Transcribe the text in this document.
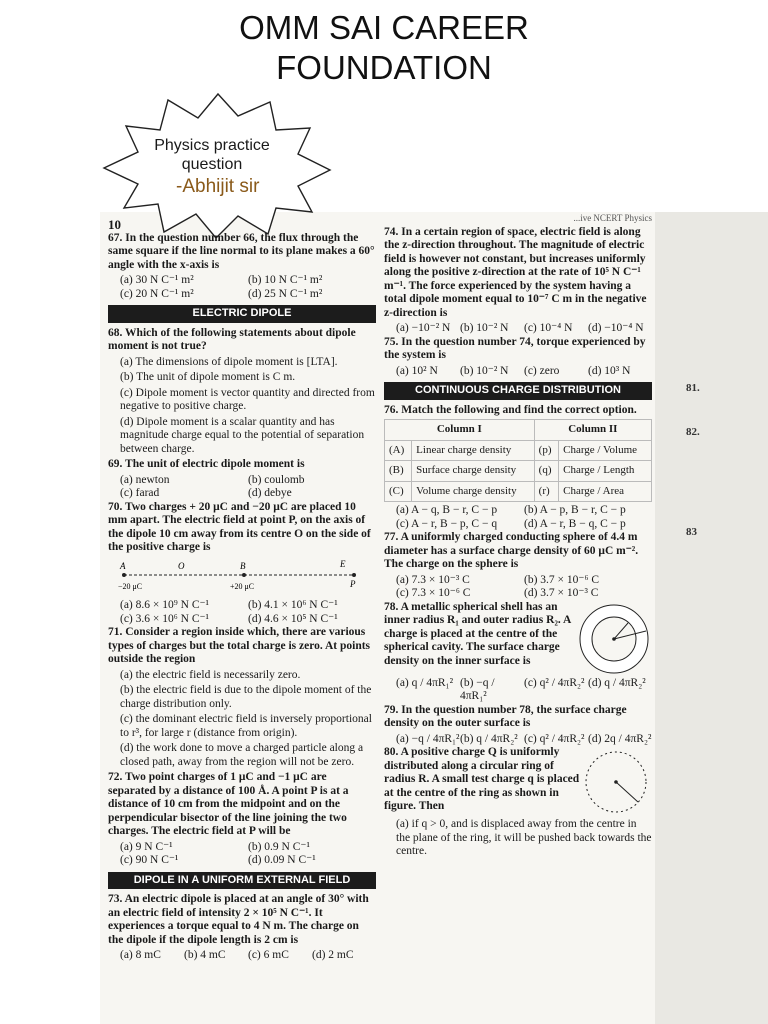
OMM SAI CAREER
FOUNDATION
Physics practice question
-Abhijit sir
10

67. In the question number 66, the flux through the same square if the line normal to its plane makes a 60° angle with the x-axis is

(a) 30 N C⁻¹ m²	(b) 10 N C⁻¹ m²
(c) 20 N C⁻¹ m²	(d) 25 N C⁻¹ m²
ELECTRIC DIPOLE

68. Which of the following statements about dipole moment is not true?

(a) The dimensions of dipole moment is [LTA].

(b) The unit of dipole moment is C m.

(c) Dipole moment is vector quantity and directed from negative to positive charge.

(d) Dipole moment is a scalar quantity and has magnitude charge equal to the potential of separation between charge.

69. The unit of electric dipole moment is

(a) newton	(b) coulomb
(c) farad	(d) debye

70. Two charges + 20 μC and −20 μC are placed 10 mm apart. The electric field at point P, on the axis of the dipole 10 cm away from its centre O on the side of the positive charge is

A	O	B	E
P
−20 μC	+20 μC
(a) 8.6 × 10⁹ N C⁻¹	(b) 4.1 × 10⁶ N C⁻¹
(c) 3.6 × 10⁶ N C⁻¹	(d) 4.6 × 10⁵ N C⁻¹

71. Consider a region inside which, there are various types of charges but the total charge is zero. At points outside the region

(a) the electric field is necessarily zero.

(b) the electric field is due to the dipole moment of the charge distribution only.

(c) the dominant electric field is inversely proportional to r³, for large r (distance from origin).

(d) the work done to move a charged particle along a closed path, away from the region will not be zero.

72. Two point charges of 1 μC and −1 μC are separated by a distance of 100 Å. A point P is at a distance of 10 cm from the midpoint and on the perpendicular bisector of the line joining the two charges. The electric field at P will be

(a) 9 N C⁻¹	(b) 0.9 N C⁻¹
(c) 90 N C⁻¹	(d) 0.09 N C⁻¹
DIPOLE IN A UNIFORM EXTERNAL FIELD

73. An electric dipole is placed at an angle of 30° with an electric field of intensity 2 × 10⁵ N C⁻¹. It experiences a torque equal to 4 N m. The charge on the dipole if the dipole length is 2 cm is

(a) 8 mC	(b) 4 mC	(c) 6 mC	(d) 2 mC
...ive NCERT Physics

74. In a certain region of space, electric field is along the z-direction throughout. The magnitude of electric field is however not constant, but increases uniformly along the positive z-direction at the rate of 10⁵ N C⁻¹ m⁻¹. The force experienced by the system having a total dipole moment equal to 10⁻⁷ C m in the negative z-direction is

(a) −10⁻² N (b) 10⁻² N	(c) 10⁻⁴ N	(d) −10⁻⁴ N

75. In the question number 74, torque experienced by the system is

(a) 10² N	(b) 10⁻² N	(c) zero	(d) 10³ N
CONTINUOUS CHARGE DISTRIBUTION

76. Match the following and find the correct option.

Column I		Column II	
(A)	Linear charge density	(p)	Charge / Volume
(B)	Surface charge density	(q)	Charge / Length
(C)	Volume charge density	(r)	Charge / Area
(a) A − q, B − r, C − p	(b) A − p, B − r, C − p
(c) A − r, B − p, C − q	(d) A − r, B − q, C − p

77. A uniformly charged conducting sphere of 4.4 m diameter has a surface charge density of 60 μC m⁻². The charge on the sphere is

(a) 7.3 × 10⁻³ C	(b) 3.7 × 10⁻⁶ C
(c) 7.3 × 10⁻⁶ C	(d) 3.7 × 10⁻³ C

78. A metallic spherical shell has an inner radius R₁ and outer radius R₂. A charge is placed at the centre of the spherical cavity. The surface charge density on the inner surface is

(a) q / 4πR₁² (b) −q / 4πR₁²
(c) q² / 4πR₂² (d) q / 4πR₂²

79. In the question number 78, the surface charge density on the outer surface is

(a) −q / 4πR₁² (b) q / 4πR₂² (c) q² / 4πR₂² (d) 2q / 4πR₂²

80. A positive charge Q is uniformly distributed along a circular ring of radius R. A small test charge q is placed at the centre of the ring as shown in figure. Then

(a) if q > 0, and is displaced away from the centre in the plane of the ring, it will be pushed back towards the centre.

81.
82.
83
